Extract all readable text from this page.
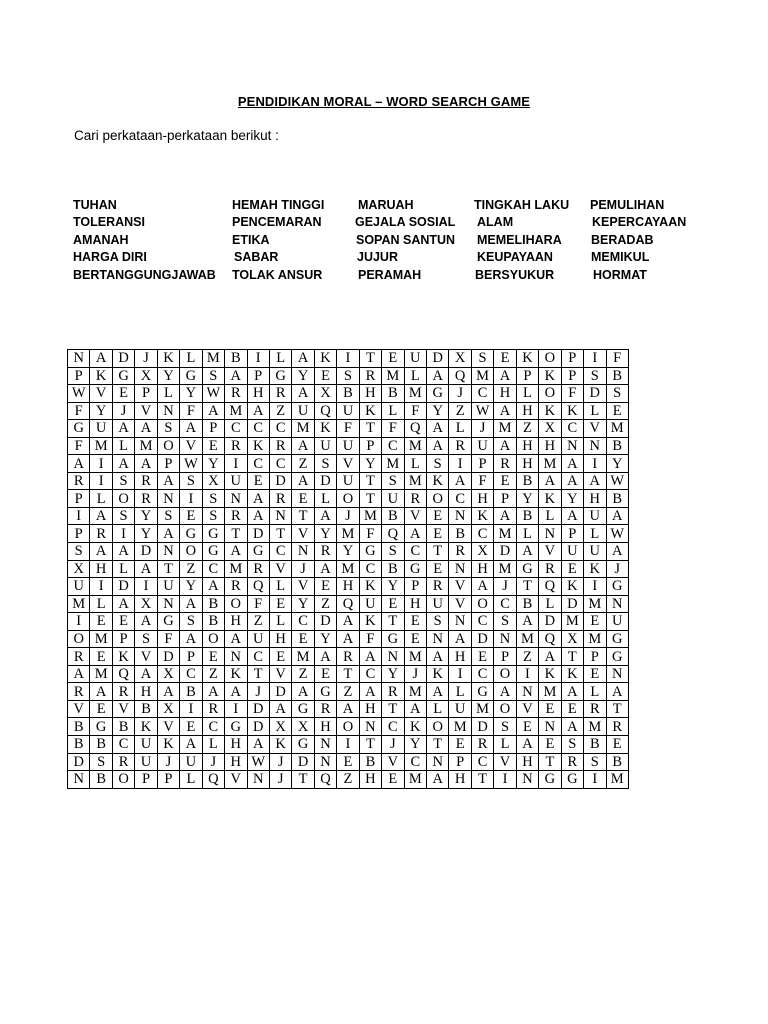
PENDIDIKAN MORAL – WORD SEARCH GAME
Cari perkataan-perkataan berikut :
TUHAN
TOLERANSI
AMANAH
HARGA DIRI
BERTANGGUNGJAWAB
HEMAH TINGGI
PENCEMARAN
ETIKA
SABAR
TOLAK ANSUR
MARUAH
GEJALA SOSIAL
SOPAN SANTUN
JUJUR
PERAMAH
TINGKAH LAKU
ALAM
MEMELIHARA
KEUPAYAAN
BERSYUKUR
PEMULIHAN
KEPERCAYAAN
BERADAB
MEMIKUL
HORMAT
N	A	D	J	K	L	M	B	I	L	A	K	I	T	E	U	D	X	S	E	K	O	P	I	F
P	K	G	X	Y	G	S	A	P	G	Y	E	S	R	M	L	A	Q	M	A	P	K	P	S	B
W	V	E	P	L	Y	W	R	H	R	A	X	B	H	B	M	G	J	C	H	L	O	F	D	S
F	Y	J	V	N	F	A	M	A	Z	U	Q	U	K	L	F	Y	Z	W	A	H	K	K	L	E
G	U	A	A	S	A	P	C	C	C	M	K	F	T	F	Q	A	L	J	M	Z	X	C	V	M
F	M	L	M	O	V	E	R	K	R	A	U	U	P	C	M	A	R	U	A	H	H	N	N	B
A	I	A	A	P	W	Y	I	C	C	Z	S	V	Y	M	L	S	I	P	R	H	M	A	I	Y
R	I	S	R	A	S	X	U	E	D	A	D	U	T	S	M	K	A	F	E	B	A	A	A	W
P	L	O	R	N	I	S	N	A	R	E	L	O	T	U	R	O	C	H	P	Y	K	Y	H	B
I	A	S	Y	S	E	S	R	A	N	T	A	J	M	B	V	E	N	K	A	B	L	A	U	A
P	R	I	Y	A	G	G	T	D	T	V	Y	M	F	Q	A	E	B	C	M	L	N	P	L	W
S	A	A	D	N	O	G	A	G	C	N	R	Y	G	S	C	T	R	X	D	A	V	U	U	A
X	H	L	A	T	Z	C	M	R	V	J	A	M	C	B	G	E	N	H	M	G	R	E	K	J
U	I	D	I	U	Y	A	R	Q	L	V	E	H	K	Y	P	R	V	A	J	T	Q	K	I	G
M	L	A	X	N	A	B	O	F	E	Y	Z	Q	U	E	H	U	V	O	C	B	L	D	M	N
I	E	E	A	G	S	B	H	Z	L	C	D	A	K	T	E	S	N	C	S	A	D	M	E	U
O	M	P	S	F	A	O	A	U	H	E	Y	A	F	G	E	N	A	D	N	M	Q	X	M	G
R	E	K	V	D	P	E	N	C	E	M	A	R	A	N	M	A	H	E	P	Z	A	T	P	G
A	M	Q	A	X	C	Z	K	T	V	Z	E	T	C	Y	J	K	I	C	O	I	K	K	E	N
R	A	R	H	A	B	A	A	J	D	A	G	Z	A	R	M	A	L	G	A	N	M	A	L	A
V	E	V	B	X	I	R	I	D	A	G	R	A	H	T	A	L	U	M	O	V	E	E	R	T
B	G	B	K	V	E	C	G	D	X	X	H	O	N	C	K	O	M	D	S	E	N	A	M	R
B	B	C	U	K	A	L	H	A	K	G	N	I	T	J	Y	T	E	R	L	A	E	S	B	E
D	S	R	U	J	U	J	H	W	J	D	N	E	B	V	C	N	P	C	V	H	T	R	S	B
N	B	O	P	P	L	Q	V	N	J	T	Q	Z	H	E	M	A	H	T	I	N	G	G	I	M
